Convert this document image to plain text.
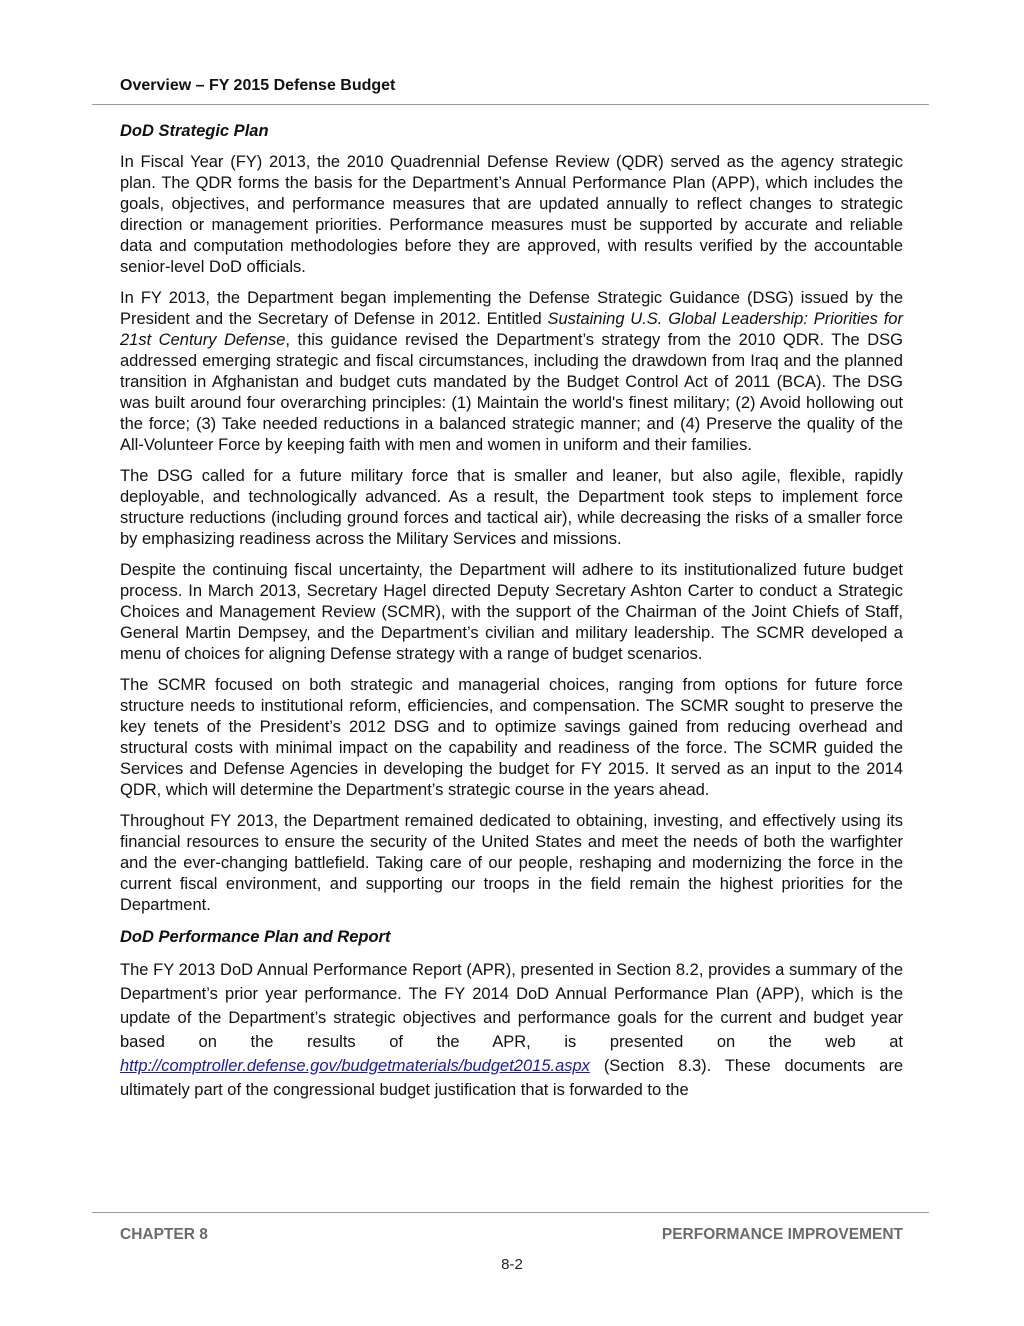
Overview – FY 2015 Defense Budget
DoD Strategic Plan

In Fiscal Year (FY) 2013, the 2010 Quadrennial Defense Review (QDR) served as the agency strategic plan. The QDR forms the basis for the Department’s Annual Performance Plan (APP), which includes the goals, objectives, and performance measures that are updated annually to reflect changes to strategic direction or management priorities. Performance measures must be supported by accurate and reliable data and computation methodologies before they are approved, with results verified by the accountable senior-level DoD officials.

In FY 2013, the Department began implementing the Defense Strategic Guidance (DSG) issued by the President and the Secretary of Defense in 2012. Entitled Sustaining U.S. Global Leadership: Priorities for 21st Century Defense, this guidance revised the Department’s strategy from the 2010 QDR. The DSG addressed emerging strategic and fiscal circumstances, including the drawdown from Iraq and the planned transition in Afghanistan and budget cuts mandated by the Budget Control Act of 2011 (BCA). The DSG was built around four overarching principles: (1) Maintain the world's finest military; (2) Avoid hollowing out the force; (3) Take needed reductions in a balanced strategic manner; and (4) Preserve the quality of the All-Volunteer Force by keeping faith with men and women in uniform and their families.

The DSG called for a future military force that is smaller and leaner, but also agile, flexible, rapidly deployable, and technologically advanced. As a result, the Department took steps to implement force structure reductions (including ground forces and tactical air), while decreasing the risks of a smaller force by emphasizing readiness across the Military Services and missions.

Despite the continuing fiscal uncertainty, the Department will adhere to its institutionalized future budget process. In March 2013, Secretary Hagel directed Deputy Secretary Ashton Carter to conduct a Strategic Choices and Management Review (SCMR), with the support of the Chairman of the Joint Chiefs of Staff, General Martin Dempsey, and the Department’s civilian and military leadership. The SCMR developed a menu of choices for aligning Defense strategy with a range of budget scenarios.

The SCMR focused on both strategic and managerial choices, ranging from options for future force structure needs to institutional reform, efficiencies, and compensation. The SCMR sought to preserve the key tenets of the President’s 2012 DSG and to optimize savings gained from reducing overhead and structural costs with minimal impact on the capability and readiness of the force. The SCMR guided the Services and Defense Agencies in developing the budget for FY 2015. It served as an input to the 2014 QDR, which will determine the Department’s strategic course in the years ahead.

Throughout FY 2013, the Department remained dedicated to obtaining, investing, and effectively using its financial resources to ensure the security of the United States and meet the needs of both the warfighter and the ever-changing battlefield. Taking care of our people, reshaping and modernizing the force in the current fiscal environment, and supporting our troops in the field remain the highest priorities for the Department.

DoD Performance Plan and Report

The FY 2013 DoD Annual Performance Report (APR), presented in Section 8.2, provides a summary of the Department’s prior year performance. The FY 2014 DoD Annual Performance Plan (APP), which is the update of the Department’s strategic objectives and performance goals for the current and budget year based on the results of the APR, is presented on the web at http://comptroller.defense.gov/budgetmaterials/budget2015.aspx (Section 8.3). These documents are ultimately part of the congressional budget justification that is forwarded to the

CHAPTER 8	PERFORMANCE IMPROVEMENT
8-2
